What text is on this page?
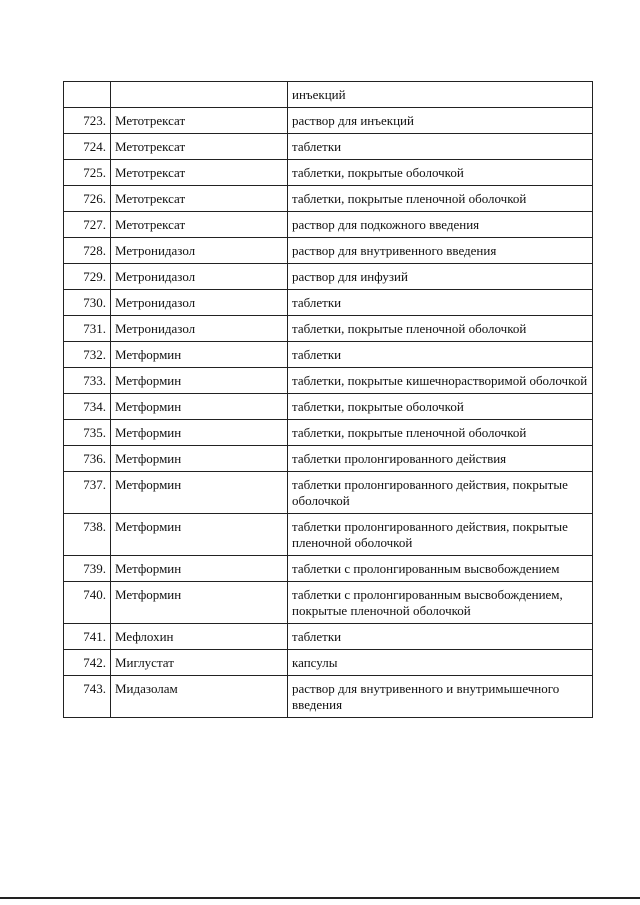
		инъекций
723.	Метотрексат	раствор для инъекций
724.	Метотрексат	таблетки
725.	Метотрексат	таблетки, покрытые оболочкой
726.	Метотрексат	таблетки, покрытые пленочной оболочкой
727.	Метотрексат	раствор для подкожного введения
728.	Метронидазол	раствор для внутривенного введения
729.	Метронидазол	раствор для инфузий
730.	Метронидазол	таблетки
731.	Метронидазол	таблетки, покрытые пленочной оболочкой
732.	Метформин	таблетки
733.	Метформин	таблетки, покрытые кишечнорастворимой оболочкой
734.	Метформин	таблетки, покрытые оболочкой
735.	Метформин	таблетки, покрытые пленочной оболочкой
736.	Метформин	таблетки пролонгированного действия
737.	Метформин	таблетки пролонгированного действия, покрытые оболочкой
738.	Метформин	таблетки пролонгированного действия, покрытые пленочной оболочкой
739.	Метформин	таблетки с пролонгированным высвобождением
740.	Метформин	таблетки с пролонгированным высвобождением, покрытые пленочной оболочкой
741.	Мефлохин	таблетки
742.	Миглустат	капсулы
743.	Мидазолам	раствор для внутривенного и внутримышечного введения
